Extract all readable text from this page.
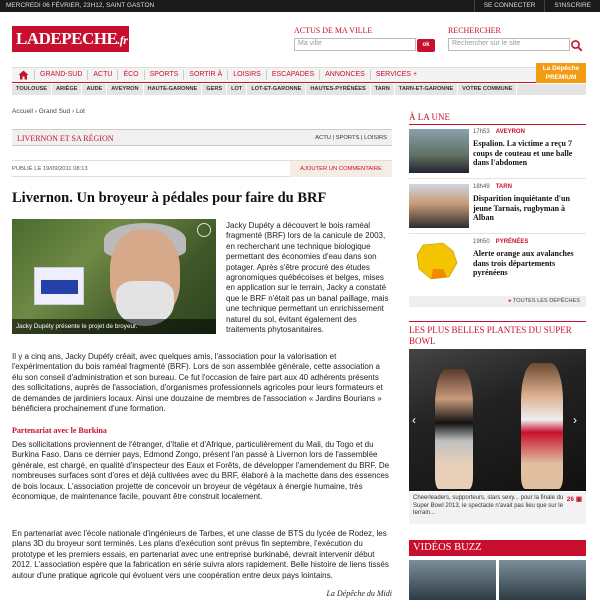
MERCREDI 06 FÉVRIER, 23H12, SAINT GASTON	SE CONNECTER	S'INSCRIRE
LADEPECHE.fr
ACTUS DE MA VILLE
Ma ville	ok
RECHERCHER
Rechercher sur le site
GRAND-SUD	ACTU	ÉCO	SPORTS	SORTIR À	LOISIRS	ESCAPADES	ANNONCES	SERVICES +
La Dépêche
PREMIUM
TOULOUSE	ARIÈGE	AUDE	AVEYRON	HAUTE-GARONNE	GERS	LOT	LOT-ET-GARONNE	HAUTES-PYRÉNÉES	TARN	TARN-ET-GARONNE	VOTRE COMMUNE
Accueil › Grand Sud › Lot
LIVERNON ET SA RÉGION	ACTU | SPORTS | LOISIRS
PUBLIÉ LE 19/09/2011 08:13	AJOUTER UN COMMENTAIRE
Livernon. Un broyeur à pédales pour faire du BRF
Jacky Dupéty présente le projet de broyeur.
Jacky Dupéty a découvert le bois raméal fragmenté (BRF) lors de la canicule de 2003, en recherchant une technique biologique permettant des économies d'eau dans son potager. Après s'être procuré des études agronomiques québécoises et belges, mises en application sur le terrain, Jacky a constaté que le BRF n'était pas un banal paillage, mais une technique permettant un enrichissement naturel du sol, évitant également des traitements phytosanitaires.
Il y a cinq ans, Jacky Dupéty créait, avec quelques amis, l'association pour la valorisation et l'expérimentation du bois raméal fragmenté (BRF). Lors de son assemblée générale, cette association a élu son conseil d'administration et son bureau. Ce fut l'occasion de faire part aux 40 adhérents présents des sollicitations, auprès de l'association, d'organismes professionnels agricoles pour leurs formateurs et de demandes de jardiniers locaux. Ainsi une douzaine de membres de l'association « Jardins Bourians » bénéficiera prochainement d'une formation.
Partenariat avec le Burkina
Des sollicitations proviennent de l'étranger, d'Italie et d'Afrique, particulièrement du Mali, du Togo et du Burkina Faso. Dans ce dernier pays, Edmond Zongo, présent l'an passé à Livernon lors de l'assemblée générale, est chargé, en qualité d'inspecteur des Eaux et Forêts, de développer l'amendement du BRF. De nombreuses surfaces sont d'ores et déjà cultivées avec du BRF, élaboré à la machette dans des essences de bois locaux. L'association projette de concevoir un broyeur de végétaux à énergie humaine, très économique, de maintenance facile, pouvant être construit localement.
En partenariat avec l'école nationale d'ingénieurs de Tarbes, et une classe de BTS du lycée de Rodez, les plans 3D du broyeur sont terminés. Les plans d'exécution sont prévus fin septembre, l'exécution du prototype et les premiers essais, en partenariat avec une entreprise burkinabé, devrait intervenir début 2012. L'association espère que la fabrication en série suivra alors rapidement. Belle histoire de liens tissés autour d'une pratique agricole qui évoluent vers une coopération entre deux pays lointains.
La Dépêche du Midi
À LA UNE
17h53 AVEYRON
Espalion. La victime a reçu 7 coups de couteau et une balle dans l'abdomen
18h49 TARN
Disparition inquiétante d'un jeune Tarnais, rugbyman à Alban
19h50 PYRÉNÉES
Alerte orange aux avalanches dans trois départements pyrénéens
▸ TOUTES LES DÉPÊCHES
LES PLUS BELLES PLANTES DU SUPER BOWL
‹	›
Cheerleaders, supporteurs, stars sexy... pour la finale du Super Bowl 2013, le spectacle n'avait pas lieu que sur le terrain...
26 ▣
VIDÉOS BUZZ
